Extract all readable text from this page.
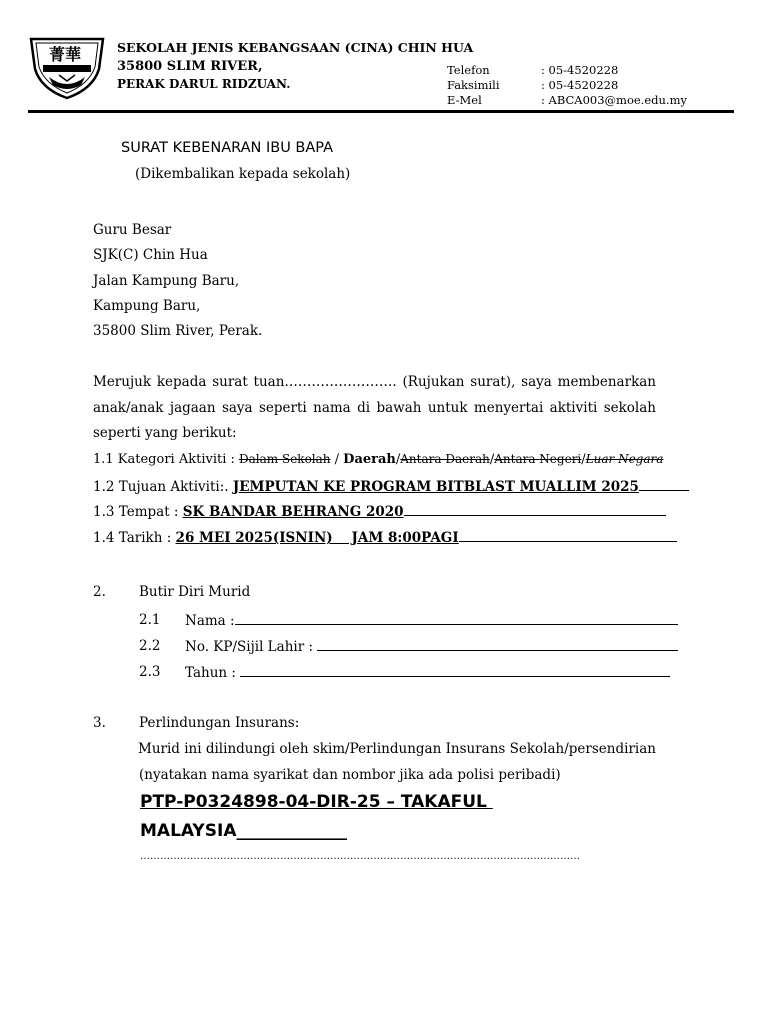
菁華	SEKOLAH JENIS KEBANGSAAN (CINA) CHIN HUA
35800 SLIM RIVER,
PERAK DARUL RIDZUAN.
Telefon	: 05-4520228
Faksimili	: 05-4520228
E-Mel	: ABCA003@moe.edu.my
SURAT KEBENARAN IBU BAPA
(Dikembalikan kepada sekolah)
Guru Besar
SJK(C) Chin Hua
Jalan Kampung Baru,
Kampung Baru,
35800 Slim River, Perak.
Merujuk kepada surat tuan……………………. (Rujukan surat), saya membenarkan anak/anak jagaan saya seperti nama di bawah untuk menyertai aktiviti sekolah seperti yang berikut:
1.1 Kategori Aktiviti : Dalam Sekolah / Daerah/Antara Daerah/Antara Negeri/Luar Negara
1.2 Tujuan Aktiviti:. JEMPUTAN KE PROGRAM BITBLAST MUALLIM 2025
1.3 Tempat : SK BANDAR BEHRANG 2020
1.4 Tarikh : 26 MEI 2025(ISNIN)    JAM 8:00PAGI
2. Butir Diri Murid
2.1 Nama :
2.2 No. KP/Sijil Lahir :
2.3 Tahun :
3. Perlindungan Insurans:
Murid ini dilindungi oleh skim/Perlindungan Insurans Sekolah/persendirian
(nyatakan nama syarikat dan nombor jika ada polisi peribadi)
PTP-P0324898-04-DIR-25 – TAKAFUL
MALAYSIA_____________
……………………………………………………………………………………………………………………
